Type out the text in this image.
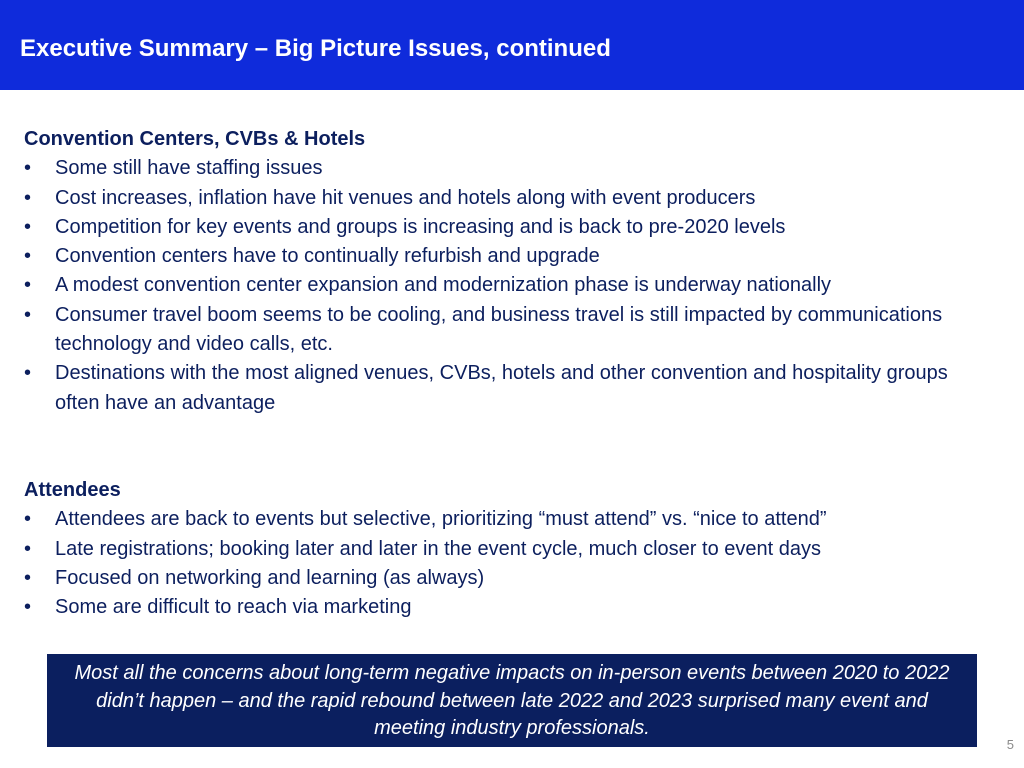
Executive Summary – Big Picture Issues, continued
Convention Centers, CVBs & Hotels
• Some still have staffing issues
• Cost increases, inflation have hit venues and hotels along with event producers
• Competition for key events and groups is increasing and is back to pre-2020 levels
• Convention centers have to continually refurbish and upgrade
• A modest convention center expansion and modernization phase is underway nationally
• Consumer travel boom seems to be cooling, and business travel is still impacted by communications technology and video calls, etc.
• Destinations with the most aligned venues, CVBs, hotels and other convention and hospitality groups often have an advantage
Attendees
• Attendees are back to events but selective, prioritizing “must attend” vs. “nice to attend”
• Late registrations; booking later and later in the event cycle, much closer to event days
• Focused on networking and learning (as always)
• Some are difficult to reach via marketing
Most all the concerns about long-term negative impacts on in-person events between 2020 to 2022 didn’t happen – and the rapid rebound between late 2022 and 2023 surprised many event and meeting industry professionals.
5
